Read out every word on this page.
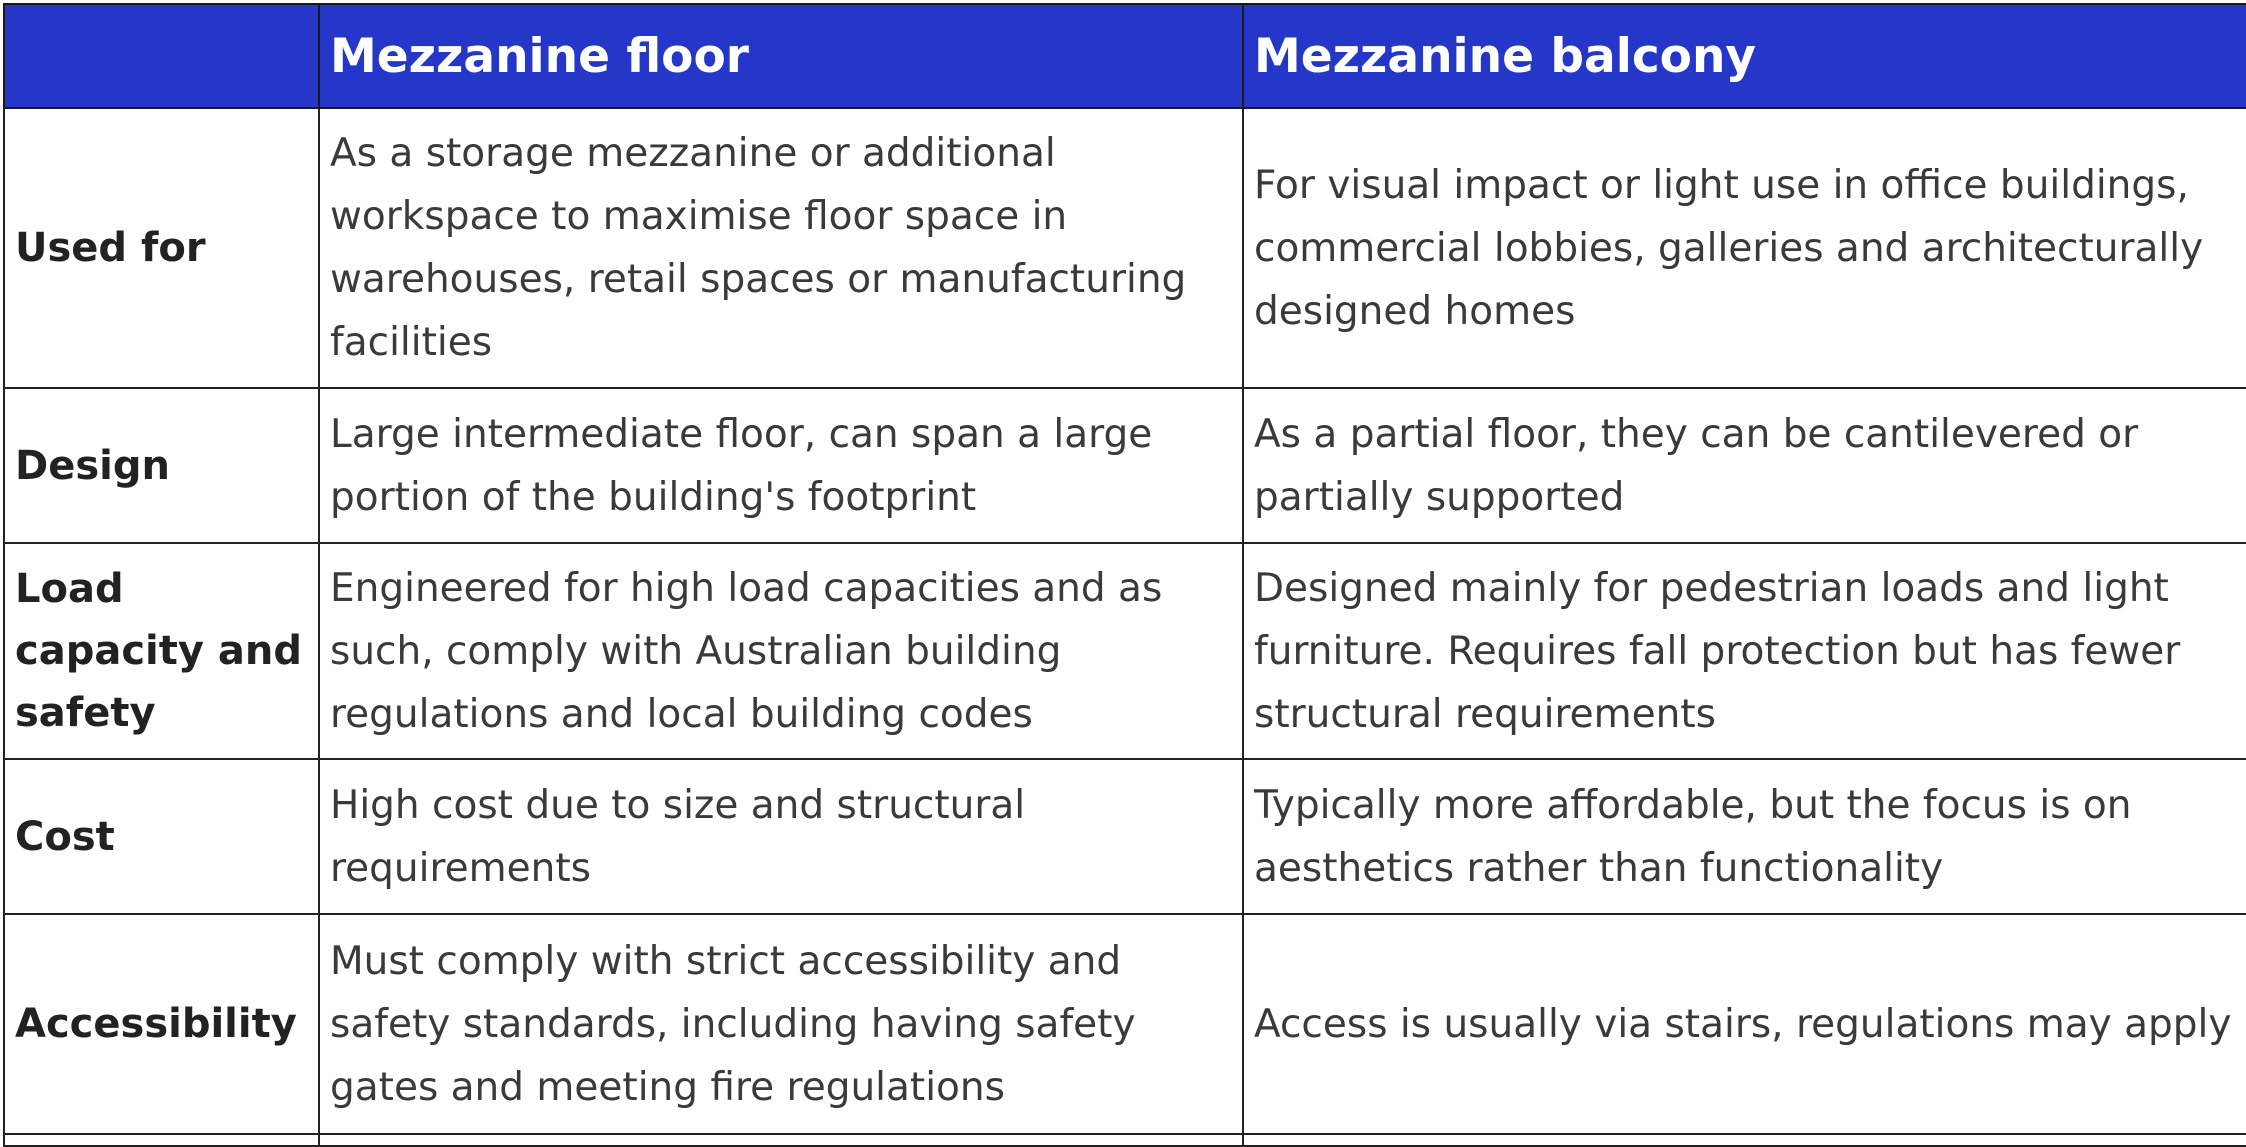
	Mezzanine floor	Mezzanine balcony
Used for	As a storage mezzanine or additional workspace to maximise floor space in warehouses, retail spaces or manufacturing facilities	For visual impact or light use in office buildings, commercial lobbies, galleries and architecturally designed homes
Design	Large intermediate floor, can span a large portion of the building's footprint	As a partial floor, they can be cantilevered or partially supported
Load capacity and safety	Engineered for high load capacities and as such, comply with Australian building regulations and local building codes	Designed mainly for pedestrian loads and light furniture. Requires fall protection but has fewer structural requirements
Cost	High cost due to size and structural requirements	Typically more affordable, but the focus is on aesthetics rather than functionality
Accessibility	Must comply with strict accessibility and safety standards, including having safety gates and meeting fire regulations	Access is usually via stairs, regulations may apply
